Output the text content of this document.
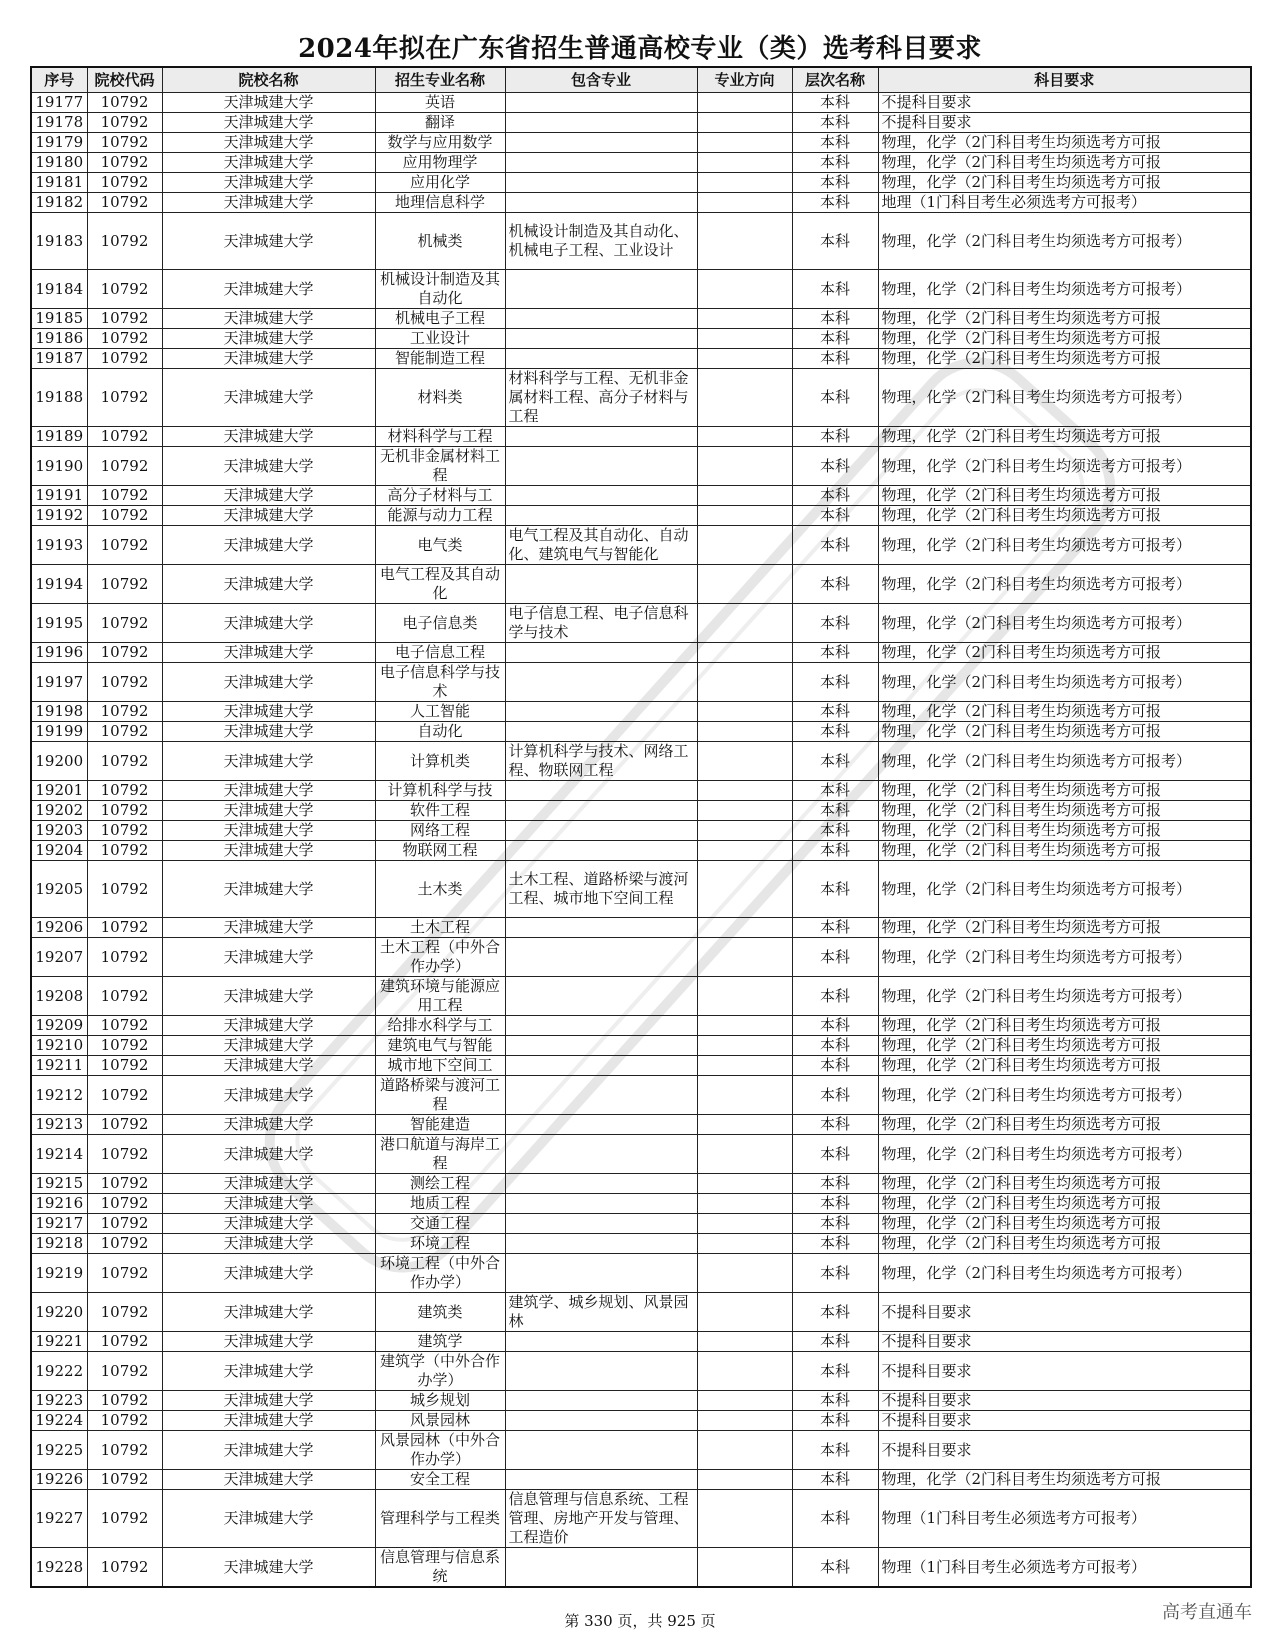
2024年拟在广东省招生普通高校专业（类）选考科目要求
序号	院校代码	院校名称	招生专业名称	包含专业	专业方向	层次名称	科目要求
19177	10792	天津城建大学	英语			本科	不提科目要求
19178	10792	天津城建大学	翻译			本科	不提科目要求
19179	10792	天津城建大学	数学与应用数学			本科	物理，化学（2门科目考生均须选考方可报
19180	10792	天津城建大学	应用物理学			本科	物理，化学（2门科目考生均须选考方可报
19181	10792	天津城建大学	应用化学			本科	物理，化学（2门科目考生均须选考方可报
19182	10792	天津城建大学	地理信息科学			本科	地理（1门科目考生必须选考方可报考）
19183	10792	天津城建大学	机械类	机械设计制造及其自动化、机械电子工程、工业设计		本科	物理，化学（2门科目考生均须选考方可报考）
19184	10792	天津城建大学	机械设计制造及其自动化			本科	物理，化学（2门科目考生均须选考方可报考）
19185	10792	天津城建大学	机械电子工程			本科	物理，化学（2门科目考生均须选考方可报
19186	10792	天津城建大学	工业设计			本科	物理，化学（2门科目考生均须选考方可报
19187	10792	天津城建大学	智能制造工程			本科	物理，化学（2门科目考生均须选考方可报
19188	10792	天津城建大学	材料类	材料科学与工程、无机非金属材料工程、高分子材料与工程		本科	物理，化学（2门科目考生均须选考方可报考）
19189	10792	天津城建大学	材料科学与工程			本科	物理，化学（2门科目考生均须选考方可报
19190	10792	天津城建大学	无机非金属材料工程			本科	物理，化学（2门科目考生均须选考方可报考）
19191	10792	天津城建大学	高分子材料与工			本科	物理，化学（2门科目考生均须选考方可报
19192	10792	天津城建大学	能源与动力工程			本科	物理，化学（2门科目考生均须选考方可报
19193	10792	天津城建大学	电气类	电气工程及其自动化、自动化、建筑电气与智能化		本科	物理，化学（2门科目考生均须选考方可报考）
19194	10792	天津城建大学	电气工程及其自动化			本科	物理，化学（2门科目考生均须选考方可报考）
19195	10792	天津城建大学	电子信息类	电子信息工程、电子信息科学与技术		本科	物理，化学（2门科目考生均须选考方可报考）
19196	10792	天津城建大学	电子信息工程			本科	物理，化学（2门科目考生均须选考方可报
19197	10792	天津城建大学	电子信息科学与技术			本科	物理，化学（2门科目考生均须选考方可报考）
19198	10792	天津城建大学	人工智能			本科	物理，化学（2门科目考生均须选考方可报
19199	10792	天津城建大学	自动化			本科	物理，化学（2门科目考生均须选考方可报
19200	10792	天津城建大学	计算机类	计算机科学与技术、网络工程、物联网工程		本科	物理，化学（2门科目考生均须选考方可报考）
19201	10792	天津城建大学	计算机科学与技			本科	物理，化学（2门科目考生均须选考方可报
19202	10792	天津城建大学	软件工程			本科	物理，化学（2门科目考生均须选考方可报
19203	10792	天津城建大学	网络工程			本科	物理，化学（2门科目考生均须选考方可报
19204	10792	天津城建大学	物联网工程			本科	物理，化学（2门科目考生均须选考方可报
19205	10792	天津城建大学	土木类	土木工程、道路桥梁与渡河工程、城市地下空间工程		本科	物理，化学（2门科目考生均须选考方可报考）
19206	10792	天津城建大学	土木工程			本科	物理，化学（2门科目考生均须选考方可报
19207	10792	天津城建大学	土木工程（中外合作办学）			本科	物理，化学（2门科目考生均须选考方可报考）
19208	10792	天津城建大学	建筑环境与能源应用工程			本科	物理，化学（2门科目考生均须选考方可报考）
19209	10792	天津城建大学	给排水科学与工			本科	物理，化学（2门科目考生均须选考方可报
19210	10792	天津城建大学	建筑电气与智能			本科	物理，化学（2门科目考生均须选考方可报
19211	10792	天津城建大学	城市地下空间工			本科	物理，化学（2门科目考生均须选考方可报
19212	10792	天津城建大学	道路桥梁与渡河工程			本科	物理，化学（2门科目考生均须选考方可报考）
19213	10792	天津城建大学	智能建造			本科	物理，化学（2门科目考生均须选考方可报
19214	10792	天津城建大学	港口航道与海岸工程			本科	物理，化学（2门科目考生均须选考方可报考）
19215	10792	天津城建大学	测绘工程			本科	物理，化学（2门科目考生均须选考方可报
19216	10792	天津城建大学	地质工程			本科	物理，化学（2门科目考生均须选考方可报
19217	10792	天津城建大学	交通工程			本科	物理，化学（2门科目考生均须选考方可报
19218	10792	天津城建大学	环境工程			本科	物理，化学（2门科目考生均须选考方可报
19219	10792	天津城建大学	环境工程（中外合作办学）			本科	物理，化学（2门科目考生均须选考方可报考）
19220	10792	天津城建大学	建筑类	建筑学、城乡规划、风景园林		本科	不提科目要求
19221	10792	天津城建大学	建筑学			本科	不提科目要求
19222	10792	天津城建大学	建筑学（中外合作办学）			本科	不提科目要求
19223	10792	天津城建大学	城乡规划			本科	不提科目要求
19224	10792	天津城建大学	风景园林			本科	不提科目要求
19225	10792	天津城建大学	风景园林（中外合作办学）			本科	不提科目要求
19226	10792	天津城建大学	安全工程			本科	物理，化学（2门科目考生均须选考方可报
19227	10792	天津城建大学	管理科学与工程类	信息管理与信息系统、工程管理、房地产开发与管理、工程造价		本科	物理（1门科目考生必须选考方可报考）
19228	10792	天津城建大学	信息管理与信息系统			本科	物理（1门科目考生必须选考方可报考）
第 330 页，共 925 页	高考直通车
